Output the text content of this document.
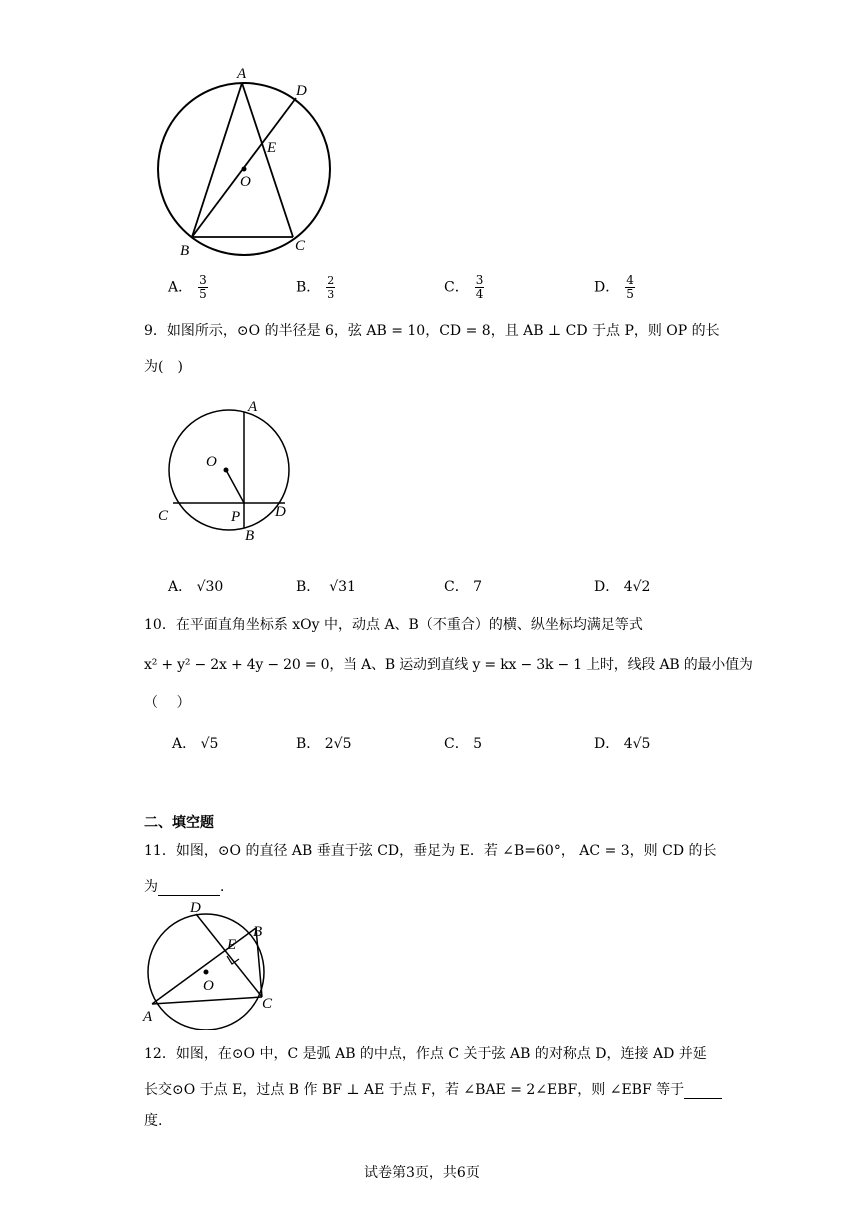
A
D
E
O
B	C
A． $\frac{3}{5}$	B． $\frac{2}{3}$	C． $\frac{3}{4}$	D． $\frac{4}{5}$
9．如图所示，⊙O 的半径是 6，弦 AB = 10，CD = 8，且 AB ⊥ CD 于点 P，则 OP 的长
为(　)
A
O
C	P D
B
A． √30	B． √31	C． 7	D． 4√2
10．在平面直角坐标系 xOy 中，动点 A、B（不重合）的横、纵坐标均满足等式
x² + y² − 2x + 4y − 20 = 0，当 A、B 运动到直线 y = kx − 3k − 1 上时，线段 AB 的最小值为
（　 ）
A． √5	B． 2√5	C． 5	D． 4√5
二、填空题
11．如图，⊙O 的直径 AB 垂直于弦 CD，垂足为 E．若 ∠B=60°， AC = 3，则 CD 的长
为	．
D
E
B
O
A
C
12．如图，在⊙O 中，C 是弧 AB 的中点，作点 C 关于弦 AB 的对称点 D，连接 AD 并延
长交⊙O 于点 E，过点 B 作 BF ⊥ AE 于点 F，若 ∠BAE = 2∠EBF，则 ∠EBF 等于
度.
试卷第3页，共6页
